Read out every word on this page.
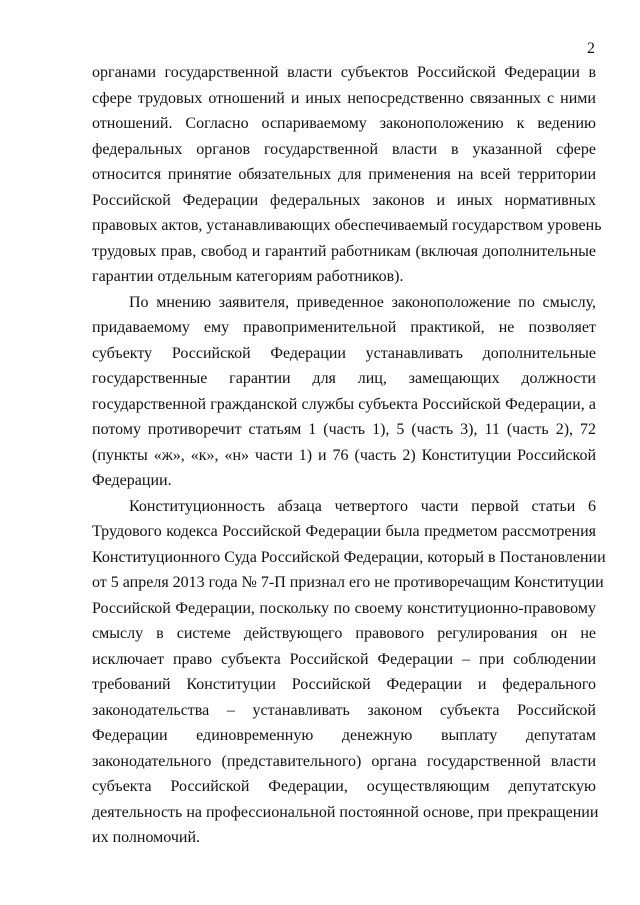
2
органами государственной власти субъектов Российской Федерации в
сфере трудовых отношений и иных непосредственно связанных с ними
отношений. Согласно оспариваемому законоположению к ведению
федеральных органов государственной власти в указанной сфере
относится принятие обязательных для применения на всей территории
Российской Федерации федеральных законов и иных нормативных
правовых актов, устанавливающих обеспечиваемый государством уровень
трудовых прав, свобод и гарантий работникам (включая дополнительные
гарантии отдельным категориям работников).
По мнению заявителя, приведенное законоположение по смыслу,
придаваемому ему правоприменительной практикой, не позволяет
субъекту Российской Федерации устанавливать дополнительные
государственные гарантии для лиц, замещающих должности
государственной гражданской службы субъекта Российской Федерации, а
потому противоречит статьям 1 (часть 1), 5 (часть 3), 11 (часть 2), 72
(пункты «ж», «к», «н» части 1) и 76 (часть 2) Конституции Российской
Федерации.
Конституционность абзаца четвертого части первой статьи 6
Трудового кодекса Российской Федерации была предметом рассмотрения
Конституционного Суда Российской Федерации, который в Постановлении
от 5 апреля 2013 года № 7-П признал его не противоречащим Конституции
Российской Федерации, поскольку по своему конституционно-правовому
смыслу в системе действующего правового регулирования он не
исключает право субъекта Российской Федерации – при соблюдении
требований Конституции Российской Федерации и федерального
законодательства – устанавливать законом субъекта Российской
Федерации единовременную денежную выплату депутатам
законодательного (представительного) органа государственной власти
субъекта Российской Федерации, осуществляющим депутатскую
деятельность на профессиональной постоянной основе, при прекращении
их полномочий.
